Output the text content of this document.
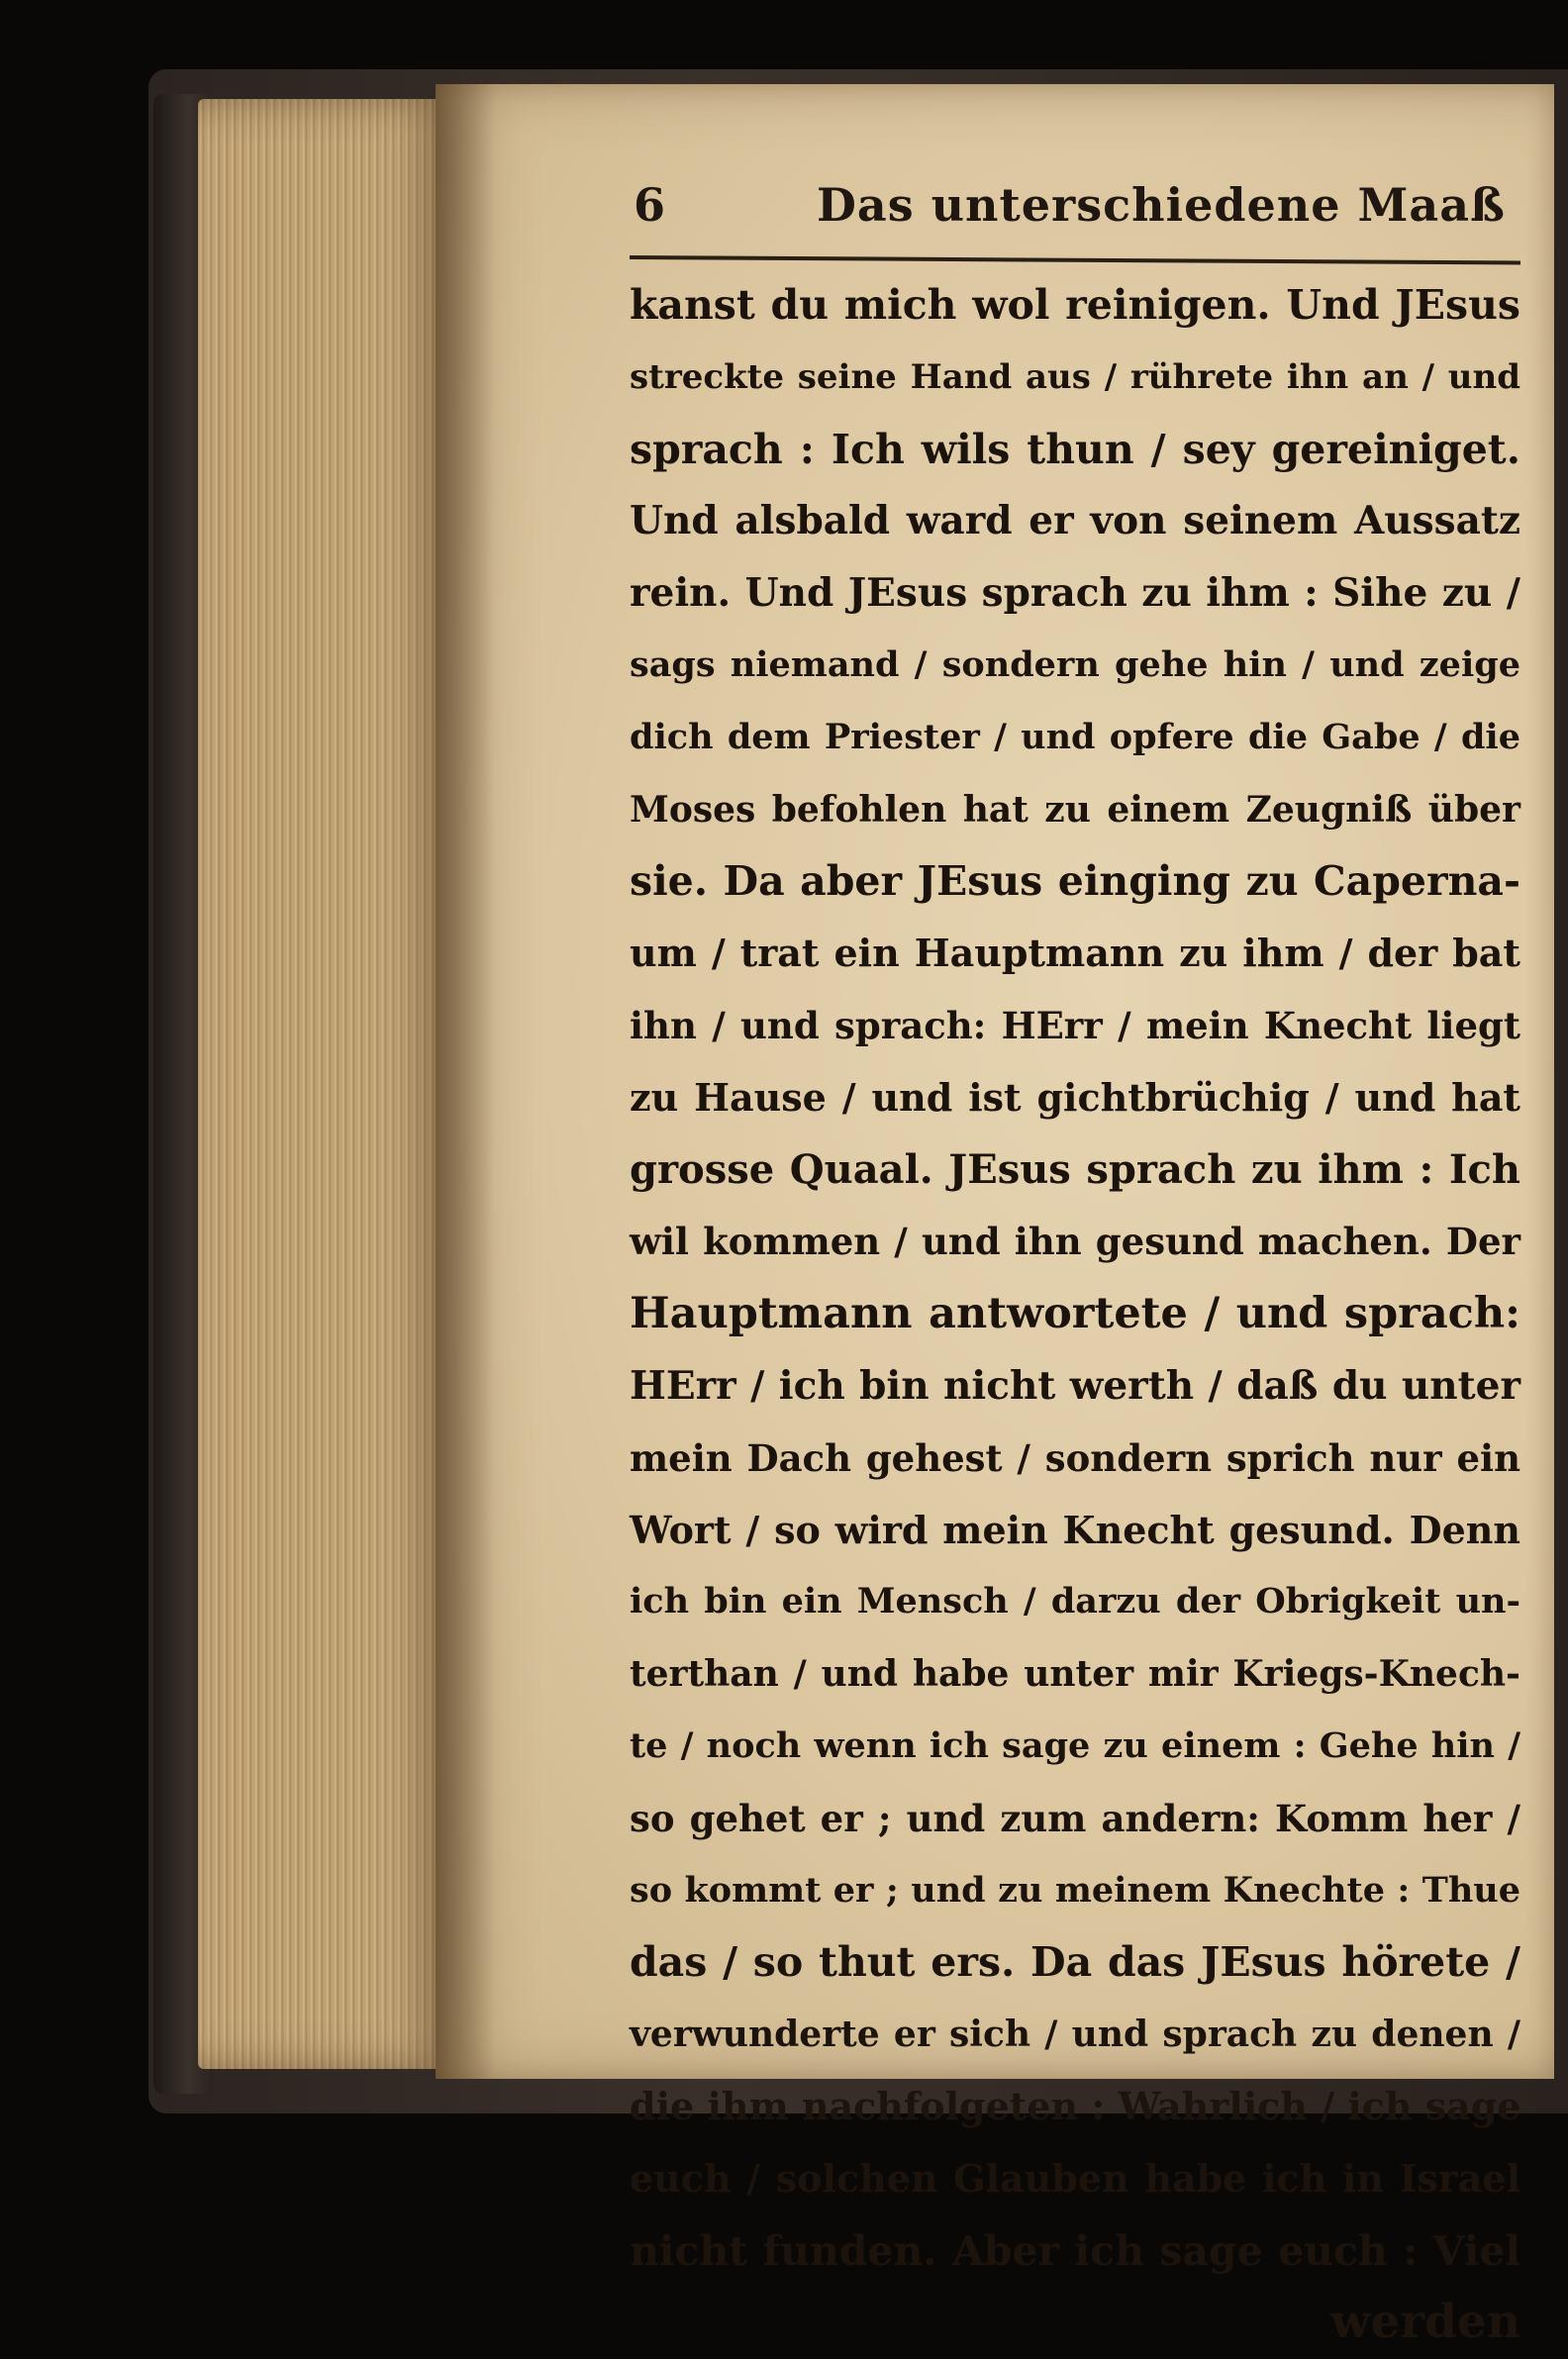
6	Das unterschiedene Maaß
kanst du mich wol reinigen. Und JEsus
streckte seine Hand aus / rührete ihn an / und
sprach : Ich wils thun / sey gereiniget.
Und alsbald ward er von seinem Aussatz
rein. Und JEsus sprach zu ihm : Sihe zu /
sags niemand / sondern gehe hin / und zeige
dich dem Priester / und opfere die Gabe / die
Moses befohlen hat zu einem Zeugniß über
sie. Da aber JEsus einging zu Caperna-
um / trat ein Hauptmann zu ihm / der bat
ihn / und sprach: HErr / mein Knecht liegt
zu Hause / und ist gichtbrüchig / und hat
grosse Quaal. JEsus sprach zu ihm : Ich
wil kommen / und ihn gesund machen. Der
Hauptmann antwortete / und sprach:
HErr / ich bin nicht werth / daß du unter
mein Dach gehest / sondern sprich nur ein
Wort / so wird mein Knecht gesund. Denn
ich bin ein Mensch / darzu der Obrigkeit un-
terthan / und habe unter mir Kriegs-Knech-
te / noch wenn ich sage zu einem : Gehe hin /
so gehet er ; und zum andern: Komm her /
so kommt er ; und zu meinem Knechte : Thue
das / so thut ers. Da das JEsus hörete /
verwunderte er sich / und sprach zu denen /
die ihm nachfolgeten : Wahrlich / ich sage
euch / solchen Glauben habe ich in Israel
nicht funden. Aber ich sage euch : Viel
werden
